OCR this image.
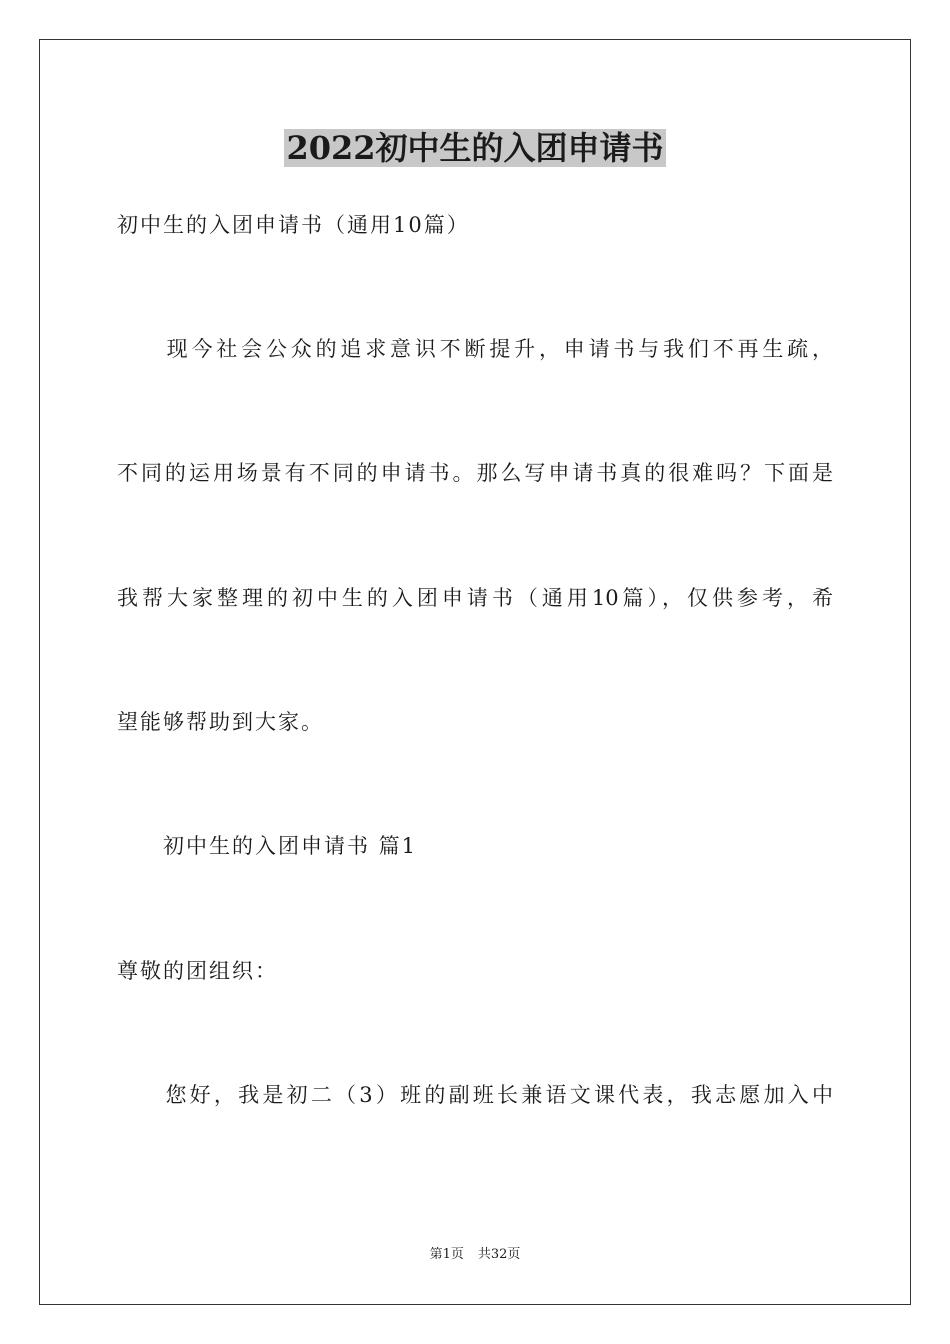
2022初中生的入团申请书
初中生的入团申请书（通用10篇）
　　现今社会公众的追求意识不断提升，申请书与我们不再生疏，
不同的运用场景有不同的申请书。那么写申请书真的很难吗？下面是
我帮大家整理的初中生的入团申请书（通用10篇），仅供参考，希
望能够帮助到大家。
　　初中生的入团申请书 篇1
尊敬的团组织：
　　您好，我是初二（3）班的副班长兼语文课代表，我志愿加入中
第1页 共32页
